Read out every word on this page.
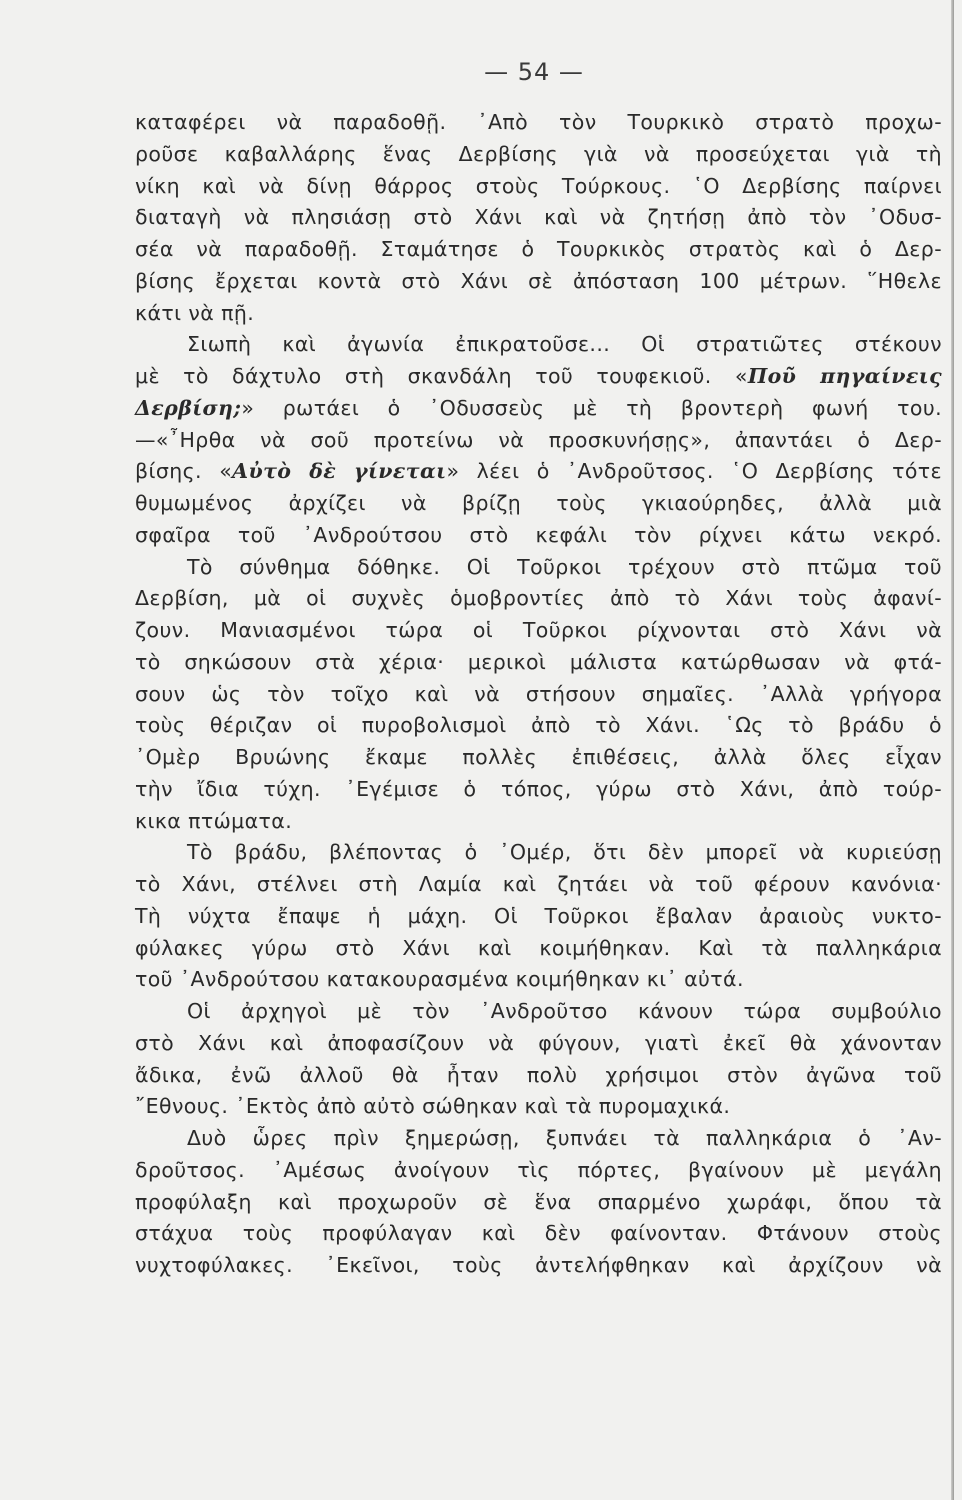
— 54 —
καταφέρει νὰ παραδοθῇ. ᾽Απὸ τὸν Τουρκικὸ στρατὸ προχω-
ροῦσε καβαλλάρης ἕνας Δερβίσης γιὰ νὰ προσεύχεται γιὰ τὴ
νίκη καὶ νὰ δίνῃ θάρρος στοὺς Τούρκους. ῾Ο Δερβίσης παίρνει
διαταγὴ νὰ πλησιάσῃ στὸ Χάνι καὶ νὰ ζητήσῃ ἀπὸ τὸν ᾽Οδυσ-
σέα νὰ παραδοθῇ. Σταμάτησε ὁ Τουρκικὸς στρατὸς καὶ ὁ Δερ-
βίσης ἔρχεται κοντὰ στὸ Χάνι σὲ ἀπόσταση 100 μέτρων. ῞Ηθελε
κάτι νὰ πῇ.
Σιωπὴ καὶ ἀγωνία ἐπικρατοῦσε... Οἱ στρατιῶτες στέκουν
μὲ τὸ δάχτυλο στὴ σκανδάλη τοῦ τουφεκιοῦ. «Ποῦ πηγαίνεις
Δερβίση;» ρωτάει ὁ ᾽Οδυσσεὺς μὲ τὴ βροντερὴ φωνή του.
—«῏Ηρθα νὰ σοῦ προτείνω νὰ προσκυνήσῃς», ἀπαντάει ὁ Δερ-
βίσης. «Αὐτὸ δὲ γίνεται» λέει ὁ ᾽Ανδροῦτσος. ῾Ο Δερβίσης τότε
θυμωμένος ἀρχίζει νὰ βρίζῃ τοὺς γκιαούρηδες, ἀλλὰ μιὰ
σφαῖρα τοῦ ᾽Ανδρούτσου στὸ κεφάλι τὸν ρίχνει κάτω νεκρό.
Τὸ σύνθημα δόθηκε. Οἱ Τοῦρκοι τρέχουν στὸ πτῶμα τοῦ
Δερβίση, μὰ οἱ συχνὲς ὁμοβροντίες ἀπὸ τὸ Χάνι τοὺς ἀφανί-
ζουν. Μανιασμένοι τώρα οἱ Τοῦρκοι ρίχνονται στὸ Χάνι νὰ
τὸ σηκώσουν στὰ χέρια· μερικοὶ μάλιστα κατώρθωσαν νὰ φτά-
σουν ὡς τὸν τοῖχο καὶ νὰ στήσουν σημαῖες. ᾽Αλλὰ γρήγορα
τοὺς θέριζαν οἱ πυροβολισμοὶ ἀπὸ τὸ Χάνι. ῾Ως τὸ βράδυ ὁ
᾽Ομὲρ Βρυώνης ἔκαμε πολλὲς ἐπιθέσεις, ἀλλὰ ὅλες εἶχαν
τὴν ἴδια τύχη. ᾽Εγέμισε ὁ τόπος, γύρω στὸ Χάνι, ἀπὸ τούρ-
κικα πτώματα.
Τὸ βράδυ, βλέποντας ὁ ᾽Ομέρ, ὅτι δὲν μπορεῖ νὰ κυριεύσῃ
τὸ Χάνι, στέλνει στὴ Λαμία καὶ ζητάει νὰ τοῦ φέρουν κανόνια·
Τὴ νύχτα ἔπαψε ἡ μάχη. Οἱ Τοῦρκοι ἔβαλαν ἀραιοὺς νυκτο-
φύλακες γύρω στὸ Χάνι καὶ κοιμήθηκαν. Καὶ τὰ παλληκάρια
τοῦ ᾽Ανδρούτσου κατακουρασμένα κοιμήθηκαν κι᾽ αὐτά.
Οἱ ἀρχηγοὶ μὲ τὸν ᾽Ανδροῦτσο κάνουν τώρα συμβούλιο
στὸ Χάνι καὶ ἀποφασίζουν νὰ φύγουν, γιατὶ ἐκεῖ θὰ χάνονταν
ἄδικα, ἐνῶ ἀλλοῦ θὰ ἦταν πολὺ χρήσιμοι στὸν ἀγῶνα τοῦ
῎Εθνους. ᾽Εκτὸς ἀπὸ αὐτὸ σώθηκαν καὶ τὰ πυρομαχικά.
Δυὸ ὧρες πρὶν ξημερώσῃ, ξυπνάει τὰ παλληκάρια ὁ ᾽Αν-
δροῦτσος. ᾽Αμέσως ἀνοίγουν τὶς πόρτες, βγαίνουν μὲ μεγάλη
προφύλαξη καὶ προχωροῦν σὲ ἕνα σπαρμένο χωράφι, ὅπου τὰ
στάχυα τοὺς προφύλαγαν καὶ δὲν φαίνονταν. Φτάνουν στοὺς
νυχτοφύλακες. ᾽Εκεῖνοι, τοὺς ἀντελήφθηκαν καὶ ἀρχίζουν νὰ
